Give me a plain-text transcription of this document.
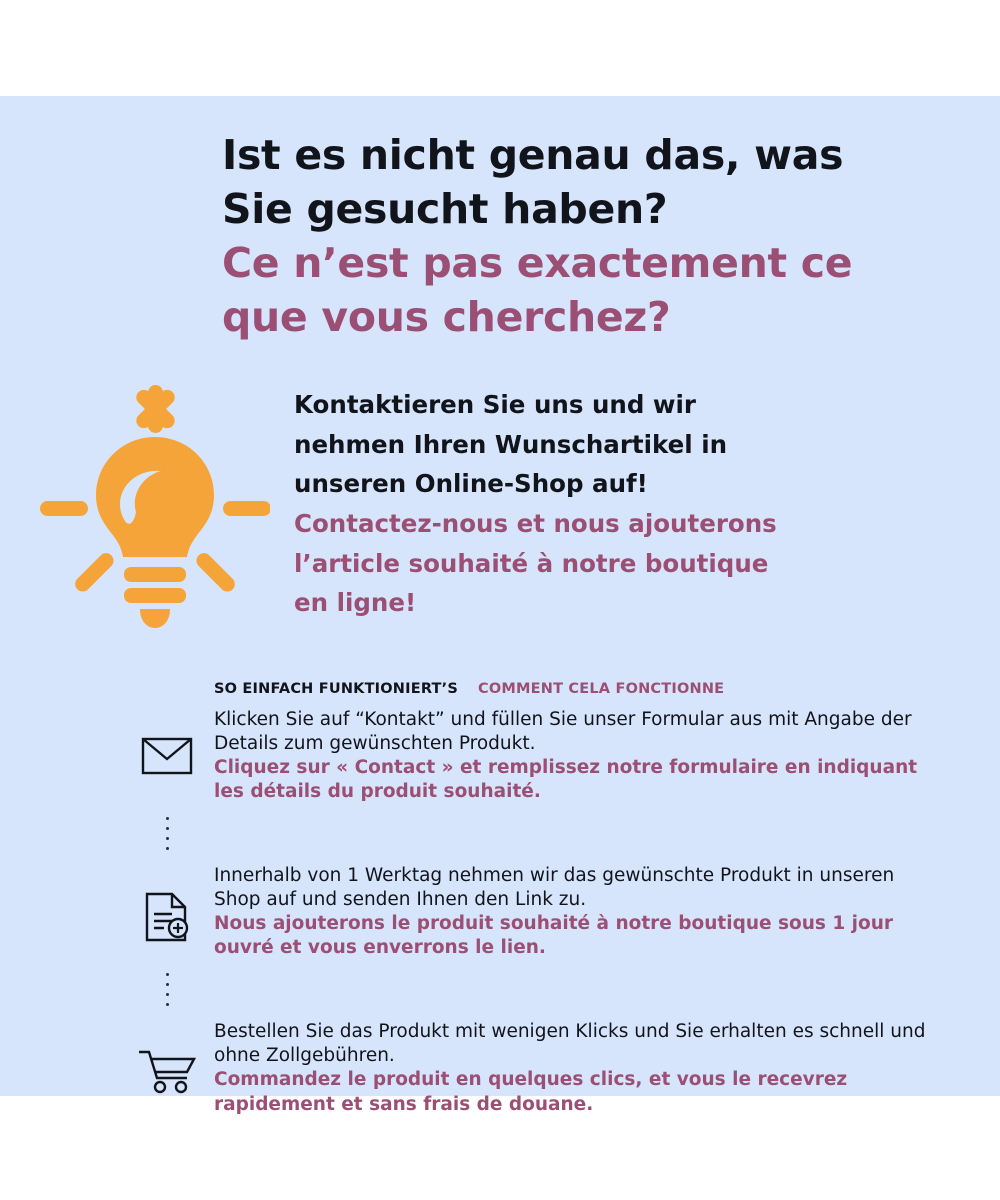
Ist es nicht genau das, was

Sie gesucht haben?

Ce n’est pas exactement ce

que vous cherchez?

Kontaktieren Sie uns und wir

nehmen Ihren Wunschartikel in

unseren Online-Shop auf!

Contactez-nous et nous ajouterons

l’article souhaité à notre boutique

en ligne!

SO EINFACH FUNKTIONIERT’S COMMENT CELA FONCTIONNE

Klicken Sie auf “Kontakt” und füllen Sie unser Formular aus mit Angabe der Details zum gewünschten Produkt.

Cliquez sur « Contact » et remplissez notre formulaire en indiquant les détails du produit souhaité.

Innerhalb von 1 Werktag nehmen wir das gewünschte Produkt in unseren Shop auf und senden Ihnen den Link zu.

Nous ajouterons le produit souhaité à notre boutique sous 1 jour ouvré et vous enverrons le lien.

Bestellen Sie das Produkt mit wenigen Klicks und Sie erhalten es schnell und ohne Zollgebühren.

Commandez le produit en quelques clics, et vous le recevrez rapidement et sans frais de douane.
